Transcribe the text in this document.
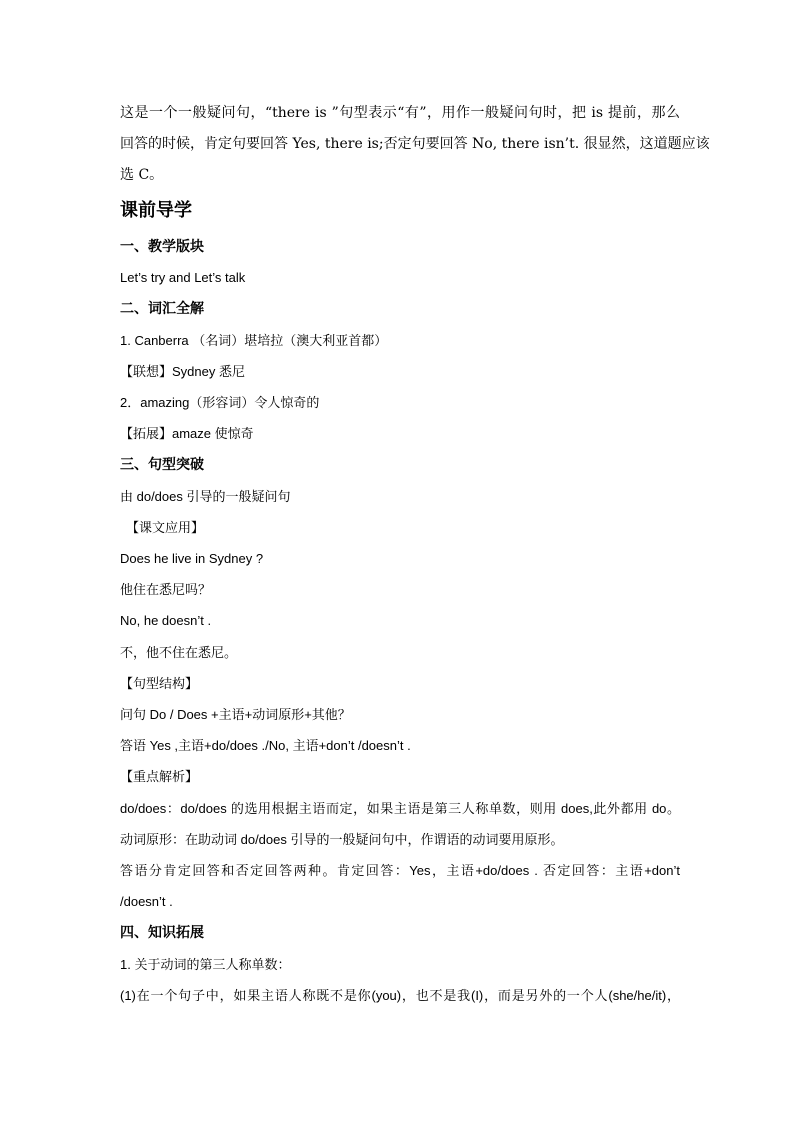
这是一个一般疑问句，“there is ”句型表示“有”，用作一般疑问句时，把 is 提前，那么
回答的时候，肯定句要回答 Yes, there is;否定句要回答 No, there isn’t. 很显然，这道题应该
选 C。
课前导学
一、教学版块
Let’s try and Let’s talk
二、词汇全解
1. Canberra （名词）堪培拉（澳大利亚首都）
【联想】Sydney 悉尼
2．amazing（形容词）令人惊奇的
【拓展】amaze 使惊奇
三、句型突破
由 do/does 引导的一般疑问句
【课文应用】
Does he live in Sydney ?
他住在悉尼吗？
No, he doesn’t .
不，他不住在悉尼。
【句型结构】
问句 Do / Does +主语+动词原形+其他？
答语 Yes ,主语+do/does ./No, 主语+don’t /doesn’t .
【重点解析】
do/does：do/does 的选用根据主语而定，如果主语是第三人称单数，则用 does,此外都用 do。
动词原形：在助动词 do/does 引导的一般疑问句中，作谓语的动词要用原形。
答语分肯定回答和否定回答两种。肯定回答：Yes，主语+do/does . 否定回答：主语+don’t
/doesn’t .
四、知识拓展
1. 关于动词的第三人称单数：
(1)在一个句子中，如果主语人称既不是你(you)，也不是我(I)，而是另外的一个人(she/he/it)，
